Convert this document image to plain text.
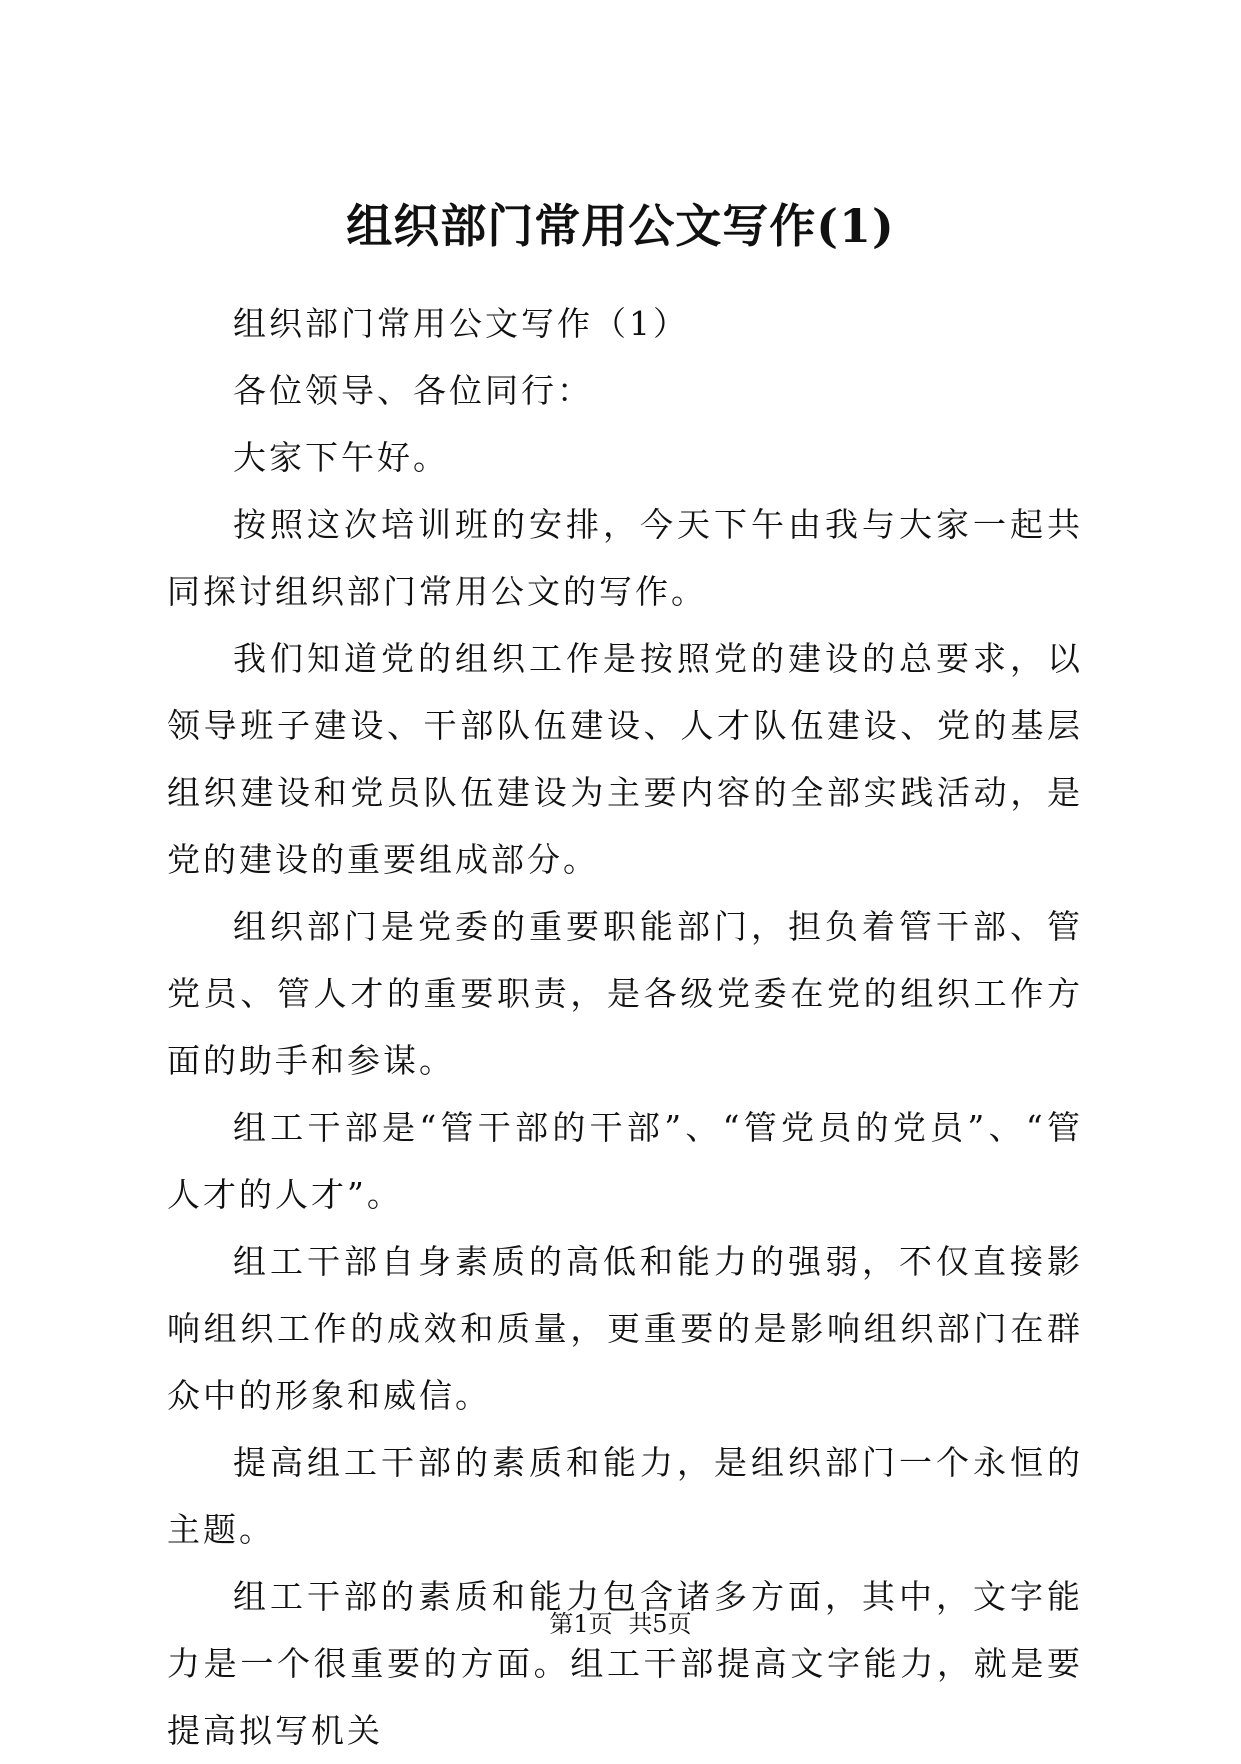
组织部门常用公文写作(1)

组织部门常用公文写作（1）

各位领导、各位同行：

大家下午好。

按照这次培训班的安排，今天下午由我与大家一起共同探讨组织部门常用公文的写作。

我们知道党的组织工作是按照党的建设的总要求，以领导班子建设、干部队伍建设、人才队伍建设、党的基层组织建设和党员队伍建设为主要内容的全部实践活动，是党的建设的重要组成部分。

组织部门是党委的重要职能部门，担负着管干部、管党员、管人才的重要职责，是各级党委在党的组织工作方面的助手和参谋。

组工干部是“管干部的干部”、“管党员的党员”、“管人才的人才”。

组工干部自身素质的高低和能力的强弱，不仅直接影响组织工作的成效和质量，更重要的是影响组织部门在群众中的形象和威信。

提高组工干部的素质和能力，是组织部门一个永恒的主题。

组工干部的素质和能力包含诸多方面，其中，文字能力是一个很重要的方面。组工干部提高文字能力，就是要提高拟写机关

第1页 共5页
